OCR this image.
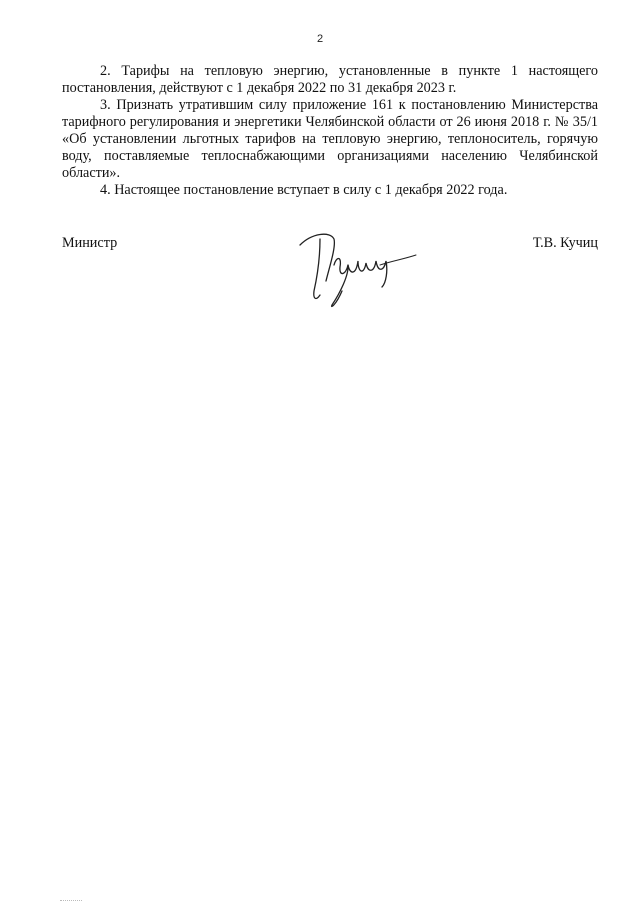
2

2. Тарифы на тепловую энергию, установленные в пункте 1 настоящего постановления, действуют с 1 декабря 2022 по 31 декабря 2023 г.

3. Признать утратившим силу приложение 161 к постановлению Министерства тарифного регулирования и энергетики Челябинской области от 26 июня 2018 г. № 35/1 «Об установлении льготных тарифов на тепловую энергию, теплоноситель, горячую воду, поставляемые теплоснабжающими организациями населению Челябинской области».

4. Настоящее постановление вступает в силу с 1 декабря 2022 года.

Министр	Т.В. Кучиц
